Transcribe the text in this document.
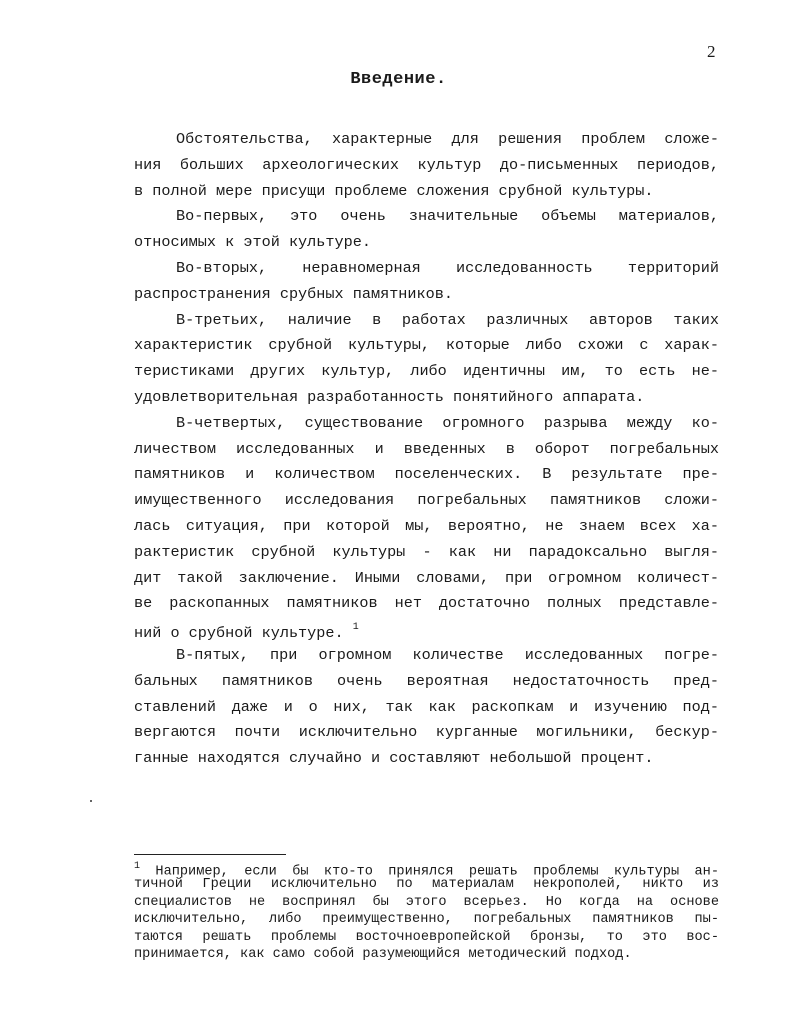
2
Введение.
Обстоятельства, характерные для решения проблем сложе-
ния больших археологических культур до-письменных периодов,
в полной мере присущи проблеме сложения срубной культуры.
Во-первых, это очень значительные объемы материалов,
относимых к этой культуре.
Во-вторых, неравномерная исследованность территорий
распространения срубных памятников.
В-третьих, наличие в работах различных авторов таких
характеристик срубной культуры, которые либо схожи с харак-
теристиками других культур, либо идентичны им, то есть не-
удовлетворительная разработанность понятийного аппарата.
В-четвертых, существование огромного разрыва между ко-
личеством исследованных и введенных в оборот погребальных
памятников и количеством поселенческих. В результате пре-
имущественного исследования погребальных памятников сложи-
лась ситуация, при которой мы, вероятно, не знаем всех ха-
рактеристик срубной культуры - как ни парадоксально выгля-
дит такой заключение. Иными словами, при огромном количест-
ве раскопанных памятников нет достаточно полных представле-
ний о срубной культуре. $^1$
В-пятых, при огромном количестве исследованных погре-
бальных памятников очень вероятная недостаточность пред-
ставлений даже и о них, так как раскопкам и изучению под-
вергаются почти исключительно курганные могильники, бескур-
ганные находятся случайно и составляют небольшой процент.
$^1$ Например, если бы кто-то принялся решать проблемы культуры ан-
тичной Греции исключительно по материалам некрополей, никто из
специалистов не воспринял бы этого всерьез. Но когда на основе
исключительно, либо преимущественно, погребальных памятников пы-
таются решать проблемы восточноевропейской бронзы, то это вос-
принимается, как само собой разумеющийся методический подход.
